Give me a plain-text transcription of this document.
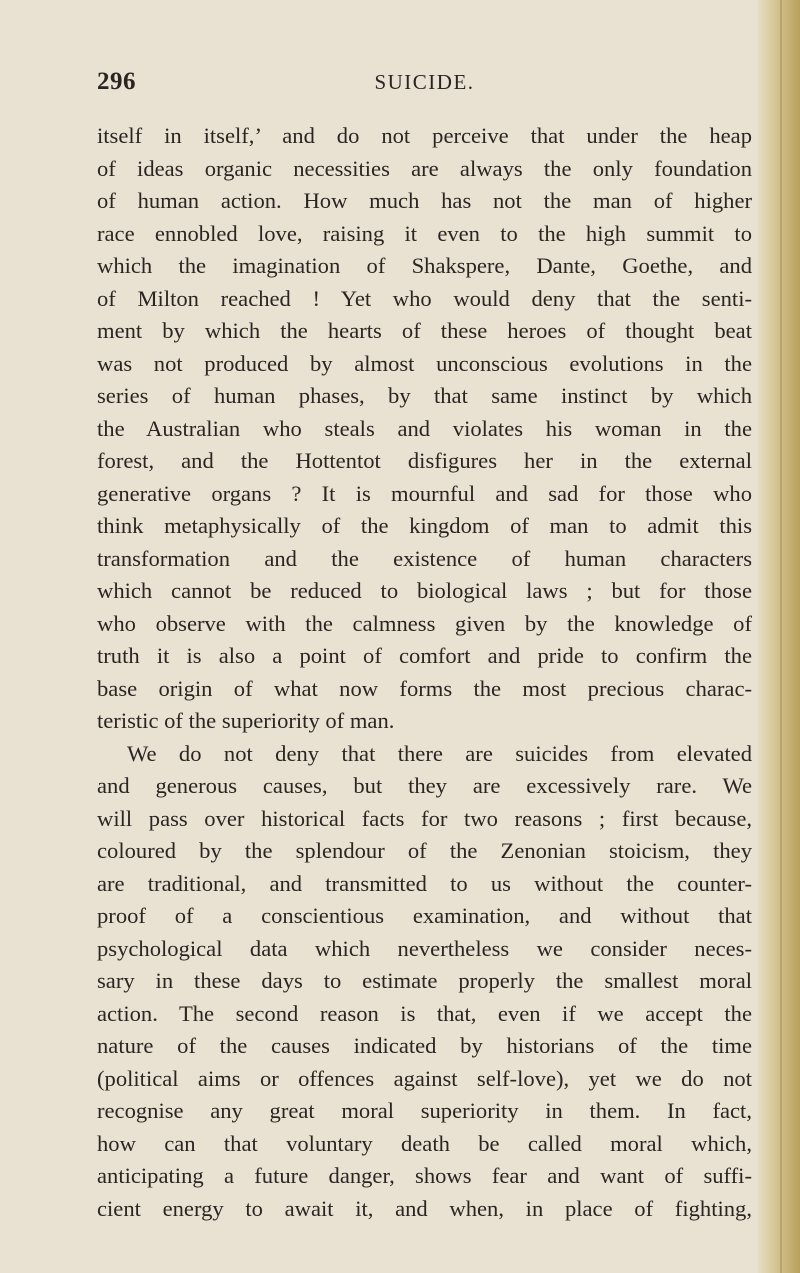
296	SUICIDE.
itself in itself,’ and do not perceive that under the heap
of ideas organic necessities are always the only foundation
of human action. How much has not the man of higher
race ennobled love, raising it even to the high summit to
which the imagination of Shakspere, Dante, Goethe, and
of Milton reached ! Yet who would deny that the senti-
ment by which the hearts of these heroes of thought beat
was not produced by almost unconscious evolutions in the
series of human phases, by that same instinct by which
the Australian who steals and violates his woman in the
forest, and the Hottentot disfigures her in the external
generative organs ? It is mournful and sad for those who
think metaphysically of the kingdom of man to admit this
transformation and the existence of human characters
which cannot be reduced to biological laws ; but for those
who observe with the calmness given by the knowledge of
truth it is also a point of comfort and pride to confirm the
base origin of what now forms the most precious charac-
teristic of the superiority of man.
We do not deny that there are suicides from elevated
and generous causes, but they are excessively rare. We
will pass over historical facts for two reasons ; first because,
coloured by the splendour of the Zenonian stoicism, they
are traditional, and transmitted to us without the counter-
proof of a conscientious examination, and without that
psychological data which nevertheless we consider neces-
sary in these days to estimate properly the smallest moral
action. The second reason is that, even if we accept the
nature of the causes indicated by historians of the time
(political aims or offences against self-love), yet we do not
recognise any great moral superiority in them. In fact,
how can that voluntary death be called moral which,
anticipating a future danger, shows fear and want of suffi-
cient energy to await it, and when, in place of fighting,
